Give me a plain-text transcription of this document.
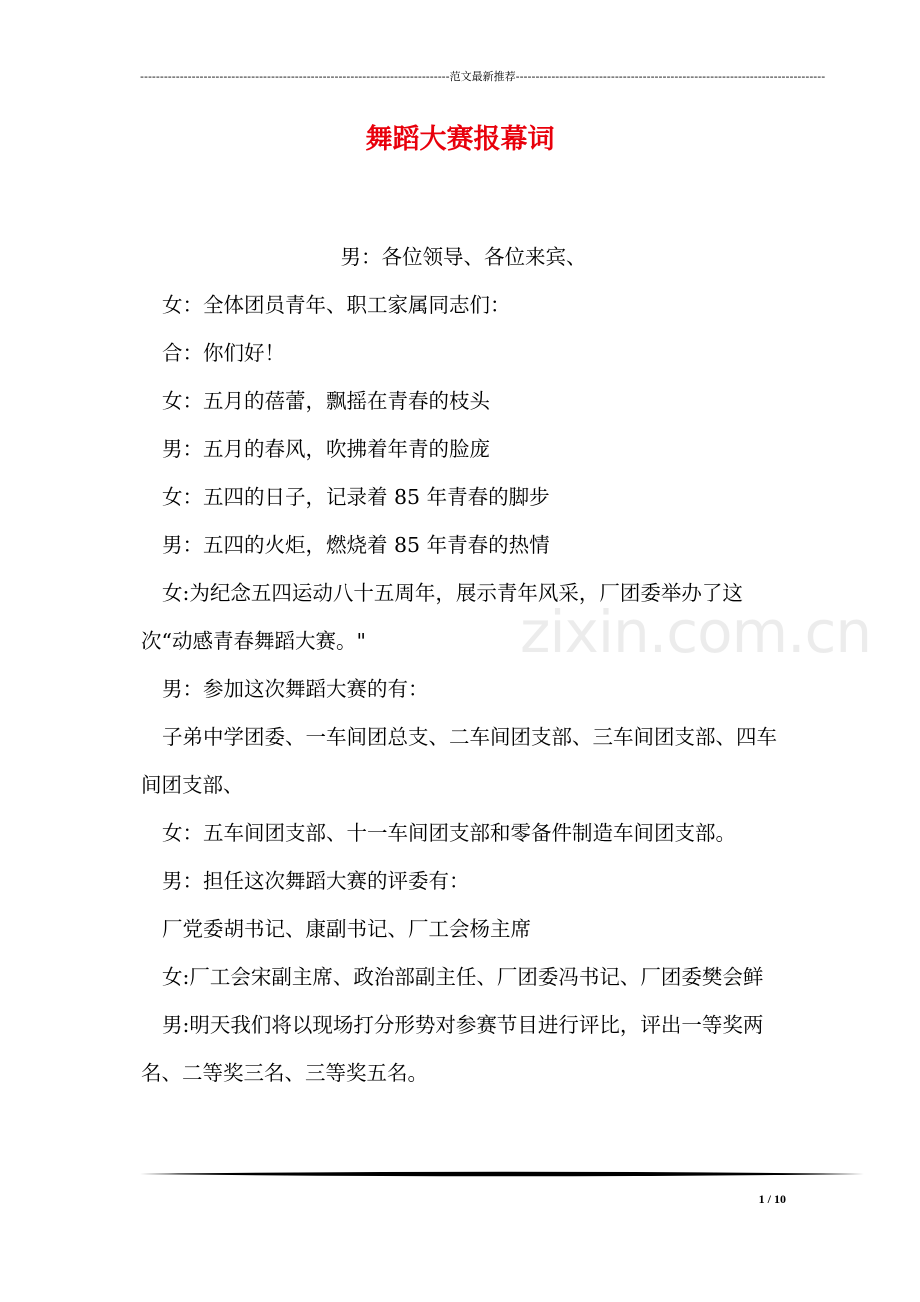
------------------------------------------------------------------------------范文最新推荐------------------------------------------------------------------------------
舞蹈大赛报幕词
男：各位领导、各位来宾、
女：全体团员青年、职工家属同志们：
合：你们好！
女：五月的蓓蕾，飘摇在青春的枝头
男：五月的春风，吹拂着年青的脸庞
女：五四的日子，记录着 85 年青春的脚步
男：五四的火炬，燃烧着 85 年青春的热情
女:为纪念五四运动八十五周年，展示青年风采，厂团委举办了这次“动感青春舞蹈大赛。"
男：参加这次舞蹈大赛的有：
子弟中学团委、一车间团总支、二车间团支部、三车间团支部、四车间团支部、
女：五车间团支部、十一车间团支部和零备件制造车间团支部。
男：担任这次舞蹈大赛的评委有：
厂党委胡书记、康副书记、厂工会杨主席
女:厂工会宋副主席、政治部副主任、厂团委冯书记、厂团委樊会鲜
男:明天我们将以现场打分形势对参赛节目进行评比，评出一等奖两名、二等奖三名、三等奖五名。
zixin.com.cn
1 / 10
